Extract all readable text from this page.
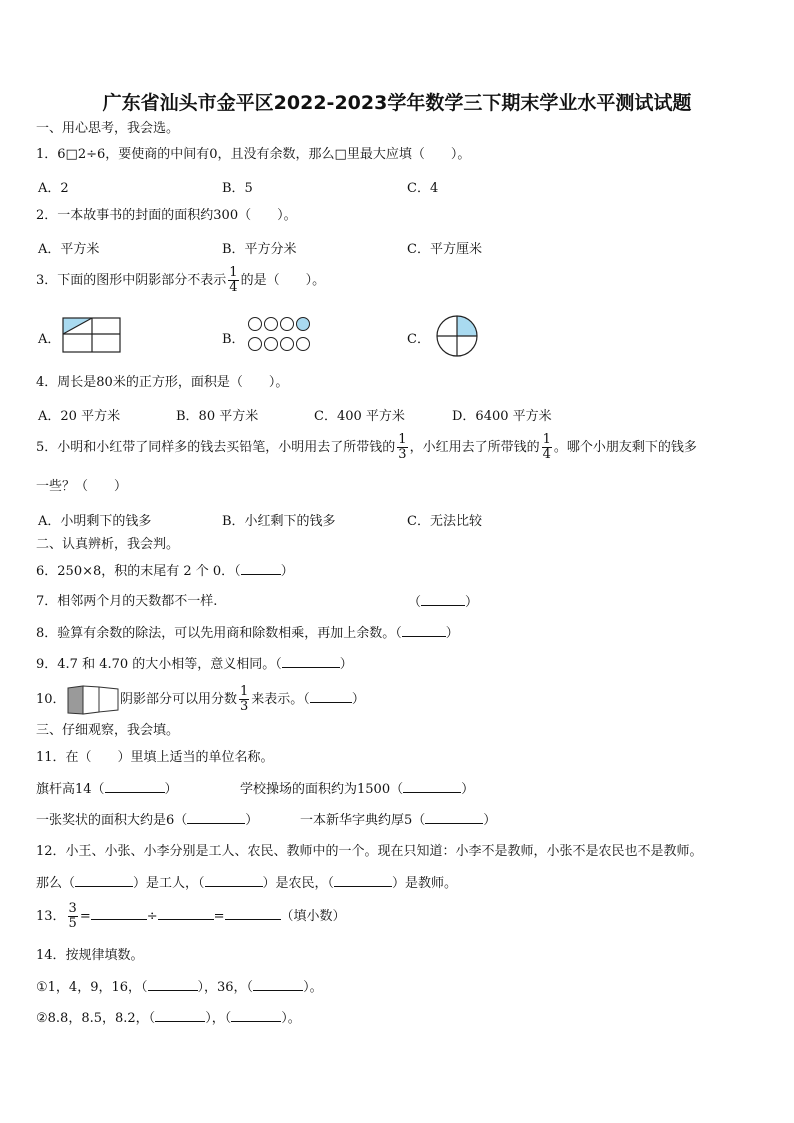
广东省汕头市金平区2022-2023学年数学三下期末学业水平测试试题
一、用心思考，我会选。
1．6□2÷6，要使商的中间有0，且没有余数，那么□里最大应填（　　）。
A．2	B．5	C．4
2．一本故事书的封面的面积约300（　　）。
A．平方米	B．平方分米	C．平方厘米
3．下面的图形中阴影部分不表示 $\frac{1}{4}$ 的是（　　）。
A．	B．	C．
4．周长是80米的正方形，面积是（　　）。
A．20 平方米	B．80 平方米	C．400 平方米	D．6400 平方米
5．小明和小红带了同样多的钱去买铅笔，小明用去了所带钱的 $\frac{1}{3}$ ，小红用去了所带钱的 $\frac{1}{4}$ 。哪个小朋友剩下的钱多
一些？（　　）
A．小明剩下的钱多	B．小红剩下的钱多	C．无法比较
二、认真辨析，我会判。
6．250×8，积的末尾有 2 个 0．（	）
7．相邻两个月的天数都不一样.	（	）
8．验算有余数的除法，可以先用商和除数相乘，再加上余数。（	）
9．4.7 和 4.70 的大小相等，意义相同。（	）
10．	阴影部分可以用分数 $\frac{1}{3}$ 来表示。（	）
三、仔细观察，我会填。
11．在（　　）里填上适当的单位名称。
旗杆高14（	）	学校操场的面积约为1500（	）
一张奖状的面积大约是6（	）	一本新华字典约厚5（	）
12．小王、小张、小李分别是工人、农民、教师中的一个。现在只知道：小李不是教师，小张不是农民也不是教师。
那么（	）是工人，（	）是农民，（	）是教师。
13． $\frac{3}{5}$ =	÷	=	（填小数）
14．按规律填数。
①1，4，9，16，（	），36，（	）。
②8.8，8.5，8.2，（	），（	）。
